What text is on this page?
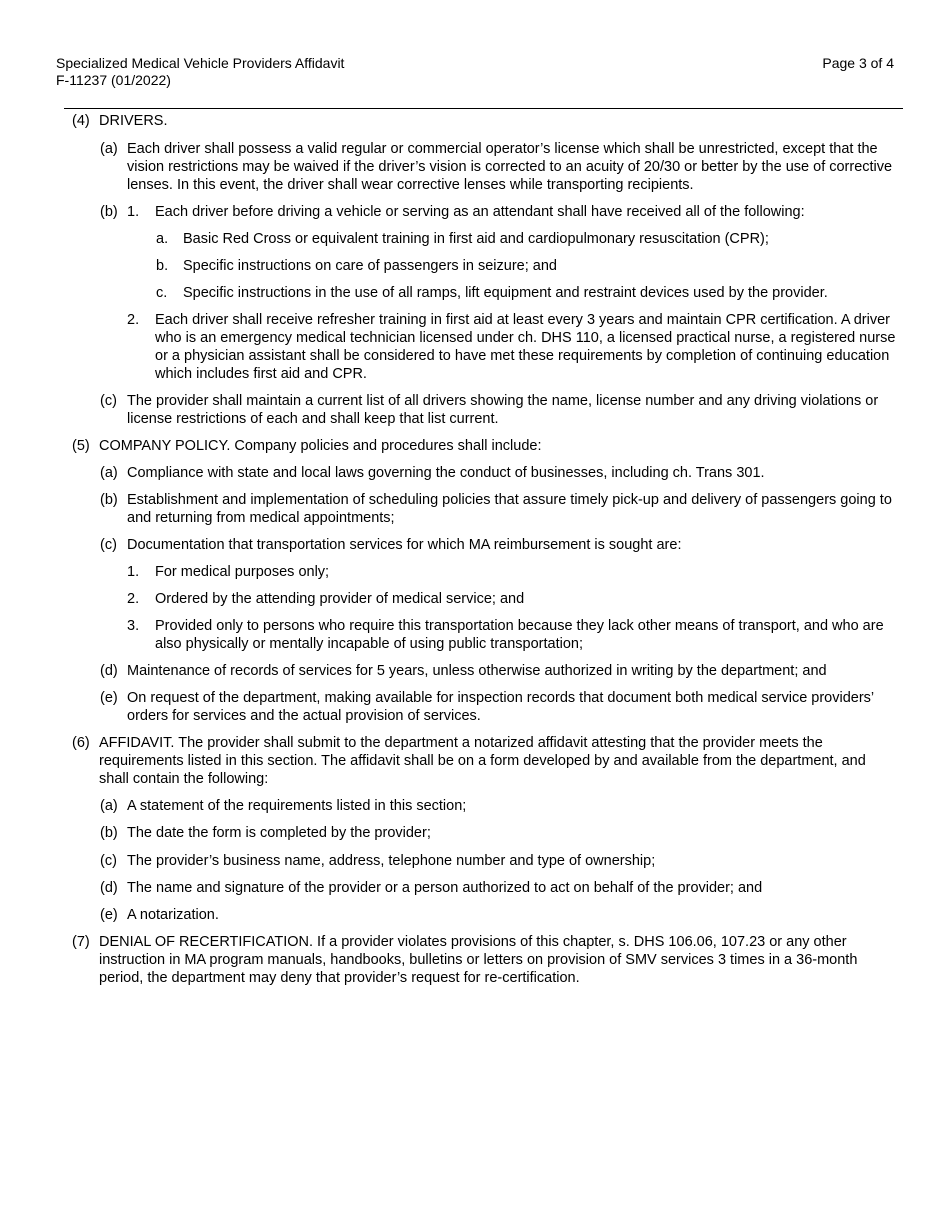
Specialized Medical Vehicle Providers Affidavit
F-11237 (01/2022)
Page 3 of 4
(4) DRIVERS.
(a) Each driver shall possess a valid regular or commercial operator’s license which shall be unrestricted, except that the vision restrictions may be waived if the driver’s vision is corrected to an acuity of 20/30 or better by the use of corrective lenses. In this event, the driver shall wear corrective lenses while transporting recipients.
(b) 1. Each driver before driving a vehicle or serving as an attendant shall have received all of the following:
a. Basic Red Cross or equivalent training in first aid and cardiopulmonary resuscitation (CPR);
b. Specific instructions on care of passengers in seizure; and
c. Specific instructions in the use of all ramps, lift equipment and restraint devices used by the provider.
2. Each driver shall receive refresher training in first aid at least every 3 years and maintain CPR certification. A driver who is an emergency medical technician licensed under ch. DHS 110, a licensed practical nurse, a registered nurse or a physician assistant shall be considered to have met these requirements by completion of continuing education which includes first aid and CPR.
(c) The provider shall maintain a current list of all drivers showing the name, license number and any driving violations or license restrictions of each and shall keep that list current.
(5) COMPANY POLICY. Company policies and procedures shall include:
(a) Compliance with state and local laws governing the conduct of businesses, including ch. Trans 301.
(b) Establishment and implementation of scheduling policies that assure timely pick-up and delivery of passengers going to and returning from medical appointments;
(c) Documentation that transportation services for which MA reimbursement is sought are:
1. For medical purposes only;
2. Ordered by the attending provider of medical service; and
3. Provided only to persons who require this transportation because they lack other means of transport, and who are also physically or mentally incapable of using public transportation;
(d) Maintenance of records of services for 5 years, unless otherwise authorized in writing by the department; and
(e) On request of the department, making available for inspection records that document both medical service providers’ orders for services and the actual provision of services.
(6) AFFIDAVIT. The provider shall submit to the department a notarized affidavit attesting that the provider meets the requirements listed in this section. The affidavit shall be on a form developed by and available from the department, and shall contain the following:
(a) A statement of the requirements listed in this section;
(b) The date the form is completed by the provider;
(c) The provider’s business name, address, telephone number and type of ownership;
(d) The name and signature of the provider or a person authorized to act on behalf of the provider; and
(e) A notarization.
(7) DENIAL OF RECERTIFICATION. If a provider violates provisions of this chapter, s. DHS 106.06, 107.23 or any other instruction in MA program manuals, handbooks, bulletins or letters on provision of SMV services 3 times in a 36-month period, the department may deny that provider’s request for re-certification.
